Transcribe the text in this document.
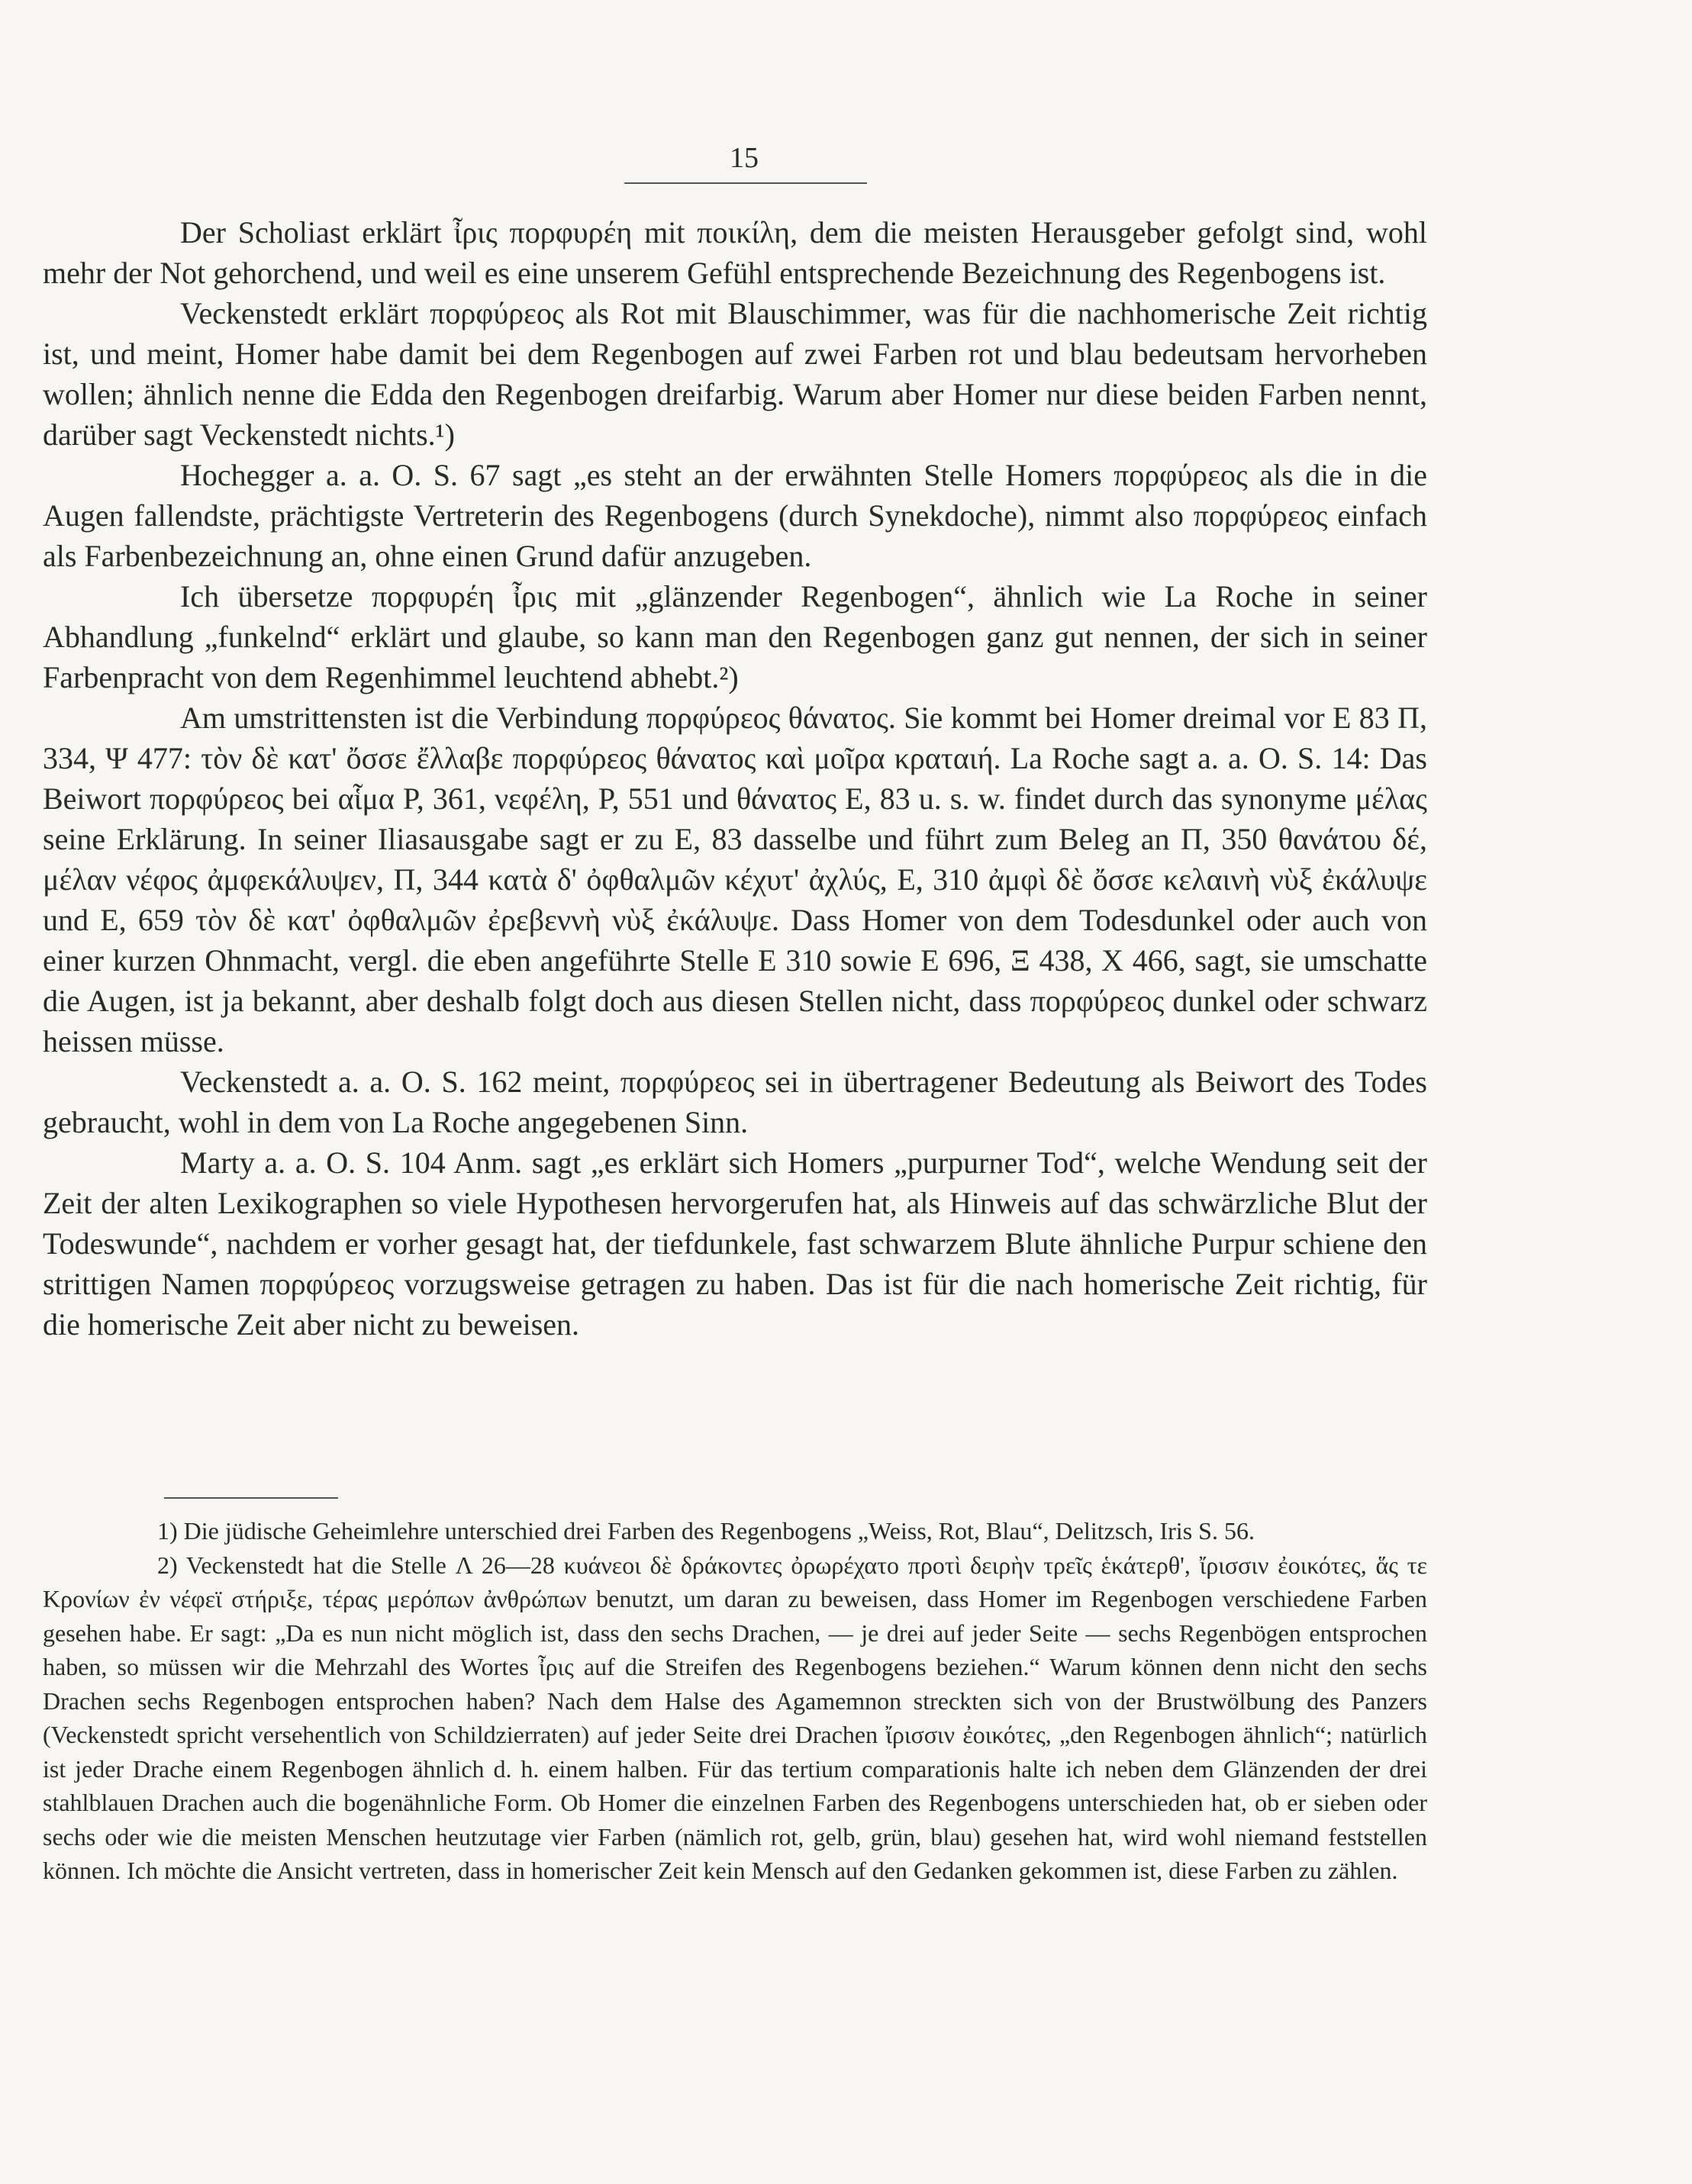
15

Der Scholiast erklärt ἶρις πορφυρέη mit ποικίλη, dem die meisten Herausgeber gefolgt sind, wohl mehr der Not gehorchend, und weil es eine unserem Gefühl entsprechende Bezeichnung des Regenbogens ist.

Veckenstedt erklärt πορφύρεος als Rot mit Blauschimmer, was für die nachhomerische Zeit richtig ist, und meint, Homer habe damit bei dem Regenbogen auf zwei Farben rot und blau bedeutsam hervorheben wollen; ähnlich nenne die Edda den Regenbogen dreifarbig. Warum aber Homer nur diese beiden Farben nennt, darüber sagt Veckenstedt nichts.¹)

Hochegger a. a. O. S. 67 sagt „es steht an der erwähnten Stelle Homers πορφύρεος als die in die Augen fallendste, prächtigste Vertreterin des Regenbogens (durch Synekdoche), nimmt also πορφύρεος einfach als Farbenbezeichnung an, ohne einen Grund dafür anzugeben.

Ich übersetze πορφυρέη ἶρις mit „glänzender Regenbogen“, ähnlich wie La Roche in seiner Abhandlung „funkelnd“ erklärt und glaube, so kann man den Regenbogen ganz gut nennen, der sich in seiner Farbenpracht von dem Regenhimmel leuchtend abhebt.²)

Am umstrittensten ist die Verbindung πορφύρεος θάνατος. Sie kommt bei Homer dreimal vor E 83 Π, 334, Ψ 477: τὸν δὲ κατ' ὄσσε ἔλλαβε πορφύρεος θάνατος καὶ μοῖρα κραταιή. La Roche sagt a. a. O. S. 14: Das Beiwort πορφύρεος bei αἷμα P, 361, νεφέλη, P, 551 und θάνατος E, 83 u. s. w. findet durch das synonyme μέλας seine Erklärung. In seiner Iliasausgabe sagt er zu E, 83 dasselbe und führt zum Beleg an Π, 350 θανάτου δέ, μέλαν νέφος ἀμφεκάλυψεν, Π, 344 κατὰ δ' ὀφθαλμῶν κέχυτ' ἀχλύς, E, 310 ἀμφὶ δὲ ὄσσε κελαινὴ νὺξ ἐκάλυψε und E, 659 τὸν δὲ κατ' ὀφθαλμῶν ἐρεβεννὴ νὺξ ἐκάλυψε. Dass Homer von dem Todesdunkel oder auch von einer kurzen Ohnmacht, vergl. die eben angeführte Stelle E 310 sowie E 696, Ξ 438, X 466, sagt, sie umschatte die Augen, ist ja bekannt, aber deshalb folgt doch aus diesen Stellen nicht, dass πορφύρεος dunkel oder schwarz heissen müsse.

Veckenstedt a. a. O. S. 162 meint, πορφύρεος sei in übertragener Bedeutung als Beiwort des Todes gebraucht, wohl in dem von La Roche angegebenen Sinn.

Marty a. a. O. S. 104 Anm. sagt „es erklärt sich Homers „purpurner Tod“, welche Wendung seit der Zeit der alten Lexikographen so viele Hypothesen hervorgerufen hat, als Hinweis auf das schwärzliche Blut der Todeswunde“, nachdem er vorher gesagt hat, der tiefdunkele, fast schwarzem Blute ähnliche Purpur schiene den strittigen Namen πορφύρεος vorzugsweise getragen zu haben. Das ist für die nach homerische Zeit richtig, für die homerische Zeit aber nicht zu beweisen.

1) Die jüdische Geheimlehre unterschied drei Farben des Regenbogens „Weiss, Rot, Blau“, Delitzsch, Iris S. 56.

2) Veckenstedt hat die Stelle Λ 26—28 κυάνεοι δὲ δράκοντες ὀρωρέχατο προτὶ δειρὴν τρεῖς ἑκάτερθ', ἴρισσιν ἐοικότες, ἅς τε Κρονίων ἐν νέφεϊ στήριξε, τέρας μερόπων ἀνθρώπων benutzt, um daran zu beweisen, dass Homer im Regenbogen verschiedene Farben gesehen habe. Er sagt: „Da es nun nicht möglich ist, dass den sechs Drachen, — je drei auf jeder Seite — sechs Regenbögen entsprochen haben, so müssen wir die Mehrzahl des Wortes ἶρις auf die Streifen des Regenbogens beziehen.“ Warum können denn nicht den sechs Drachen sechs Regenbogen entsprochen haben? Nach dem Halse des Agamemnon streckten sich von der Brustwölbung des Panzers (Veckenstedt spricht versehentlich von Schildzierraten) auf jeder Seite drei Drachen ἴρισσιν ἐοικότες, „den Regenbogen ähnlich“; natürlich ist jeder Drache einem Regenbogen ähnlich d. h. einem halben. Für das tertium comparationis halte ich neben dem Glänzenden der drei stahlblauen Drachen auch die bogenähnliche Form. Ob Homer die einzelnen Farben des Regenbogens unterschieden hat, ob er sieben oder sechs oder wie die meisten Menschen heutzutage vier Farben (nämlich rot, gelb, grün, blau) gesehen hat, wird wohl niemand feststellen können. Ich möchte die Ansicht vertreten, dass in homerischer Zeit kein Mensch auf den Gedanken gekommen ist, diese Farben zu zählen.
